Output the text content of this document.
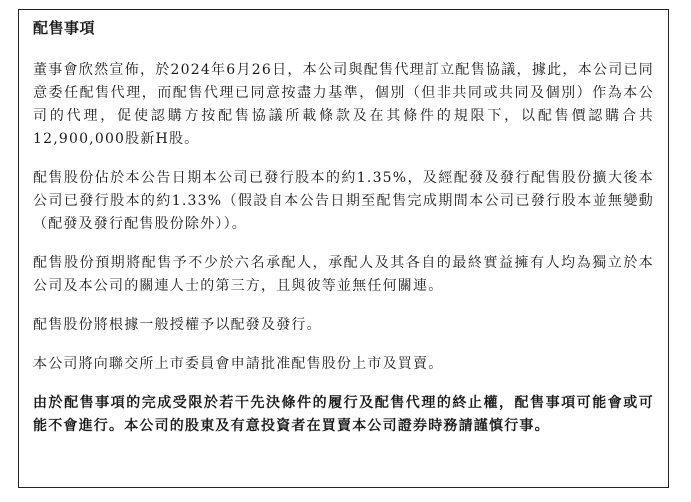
配售事項

董事會欣然宣佈，於2024年6月26日，本公司與配售代理訂立配售協議，據此，本公司已同意委任配售代理，而配售代理已同意按盡力基準，個別（但非共同或共同及個別）作為本公司的代理，促使認購方按配售協議所載條款及在其條件的規限下，以配售價認購合共12,900,000股新H股。

配售股份佔於本公告日期本公司已發行股本的約1.35%，及經配發及發行配售股份擴大後本公司已發行股本的約1.33%（假設自本公告日期至配售完成期間本公司已發行股本並無變動（配發及發行配售股份除外））。

配售股份預期將配售予不少於六名承配人，承配人及其各自的最終實益擁有人均為獨立於本公司及本公司的關連人士的第三方，且與彼等並無任何關連。

配售股份將根據一般授權予以配發及發行。

本公司將向聯交所上市委員會申請批准配售股份上市及買賣。

由於配售事項的完成受限於若干先決條件的履行及配售代理的終止權，配售事項可能會或可能不會進行。本公司的股東及有意投資者在買賣本公司證券時務請謹慎行事。
